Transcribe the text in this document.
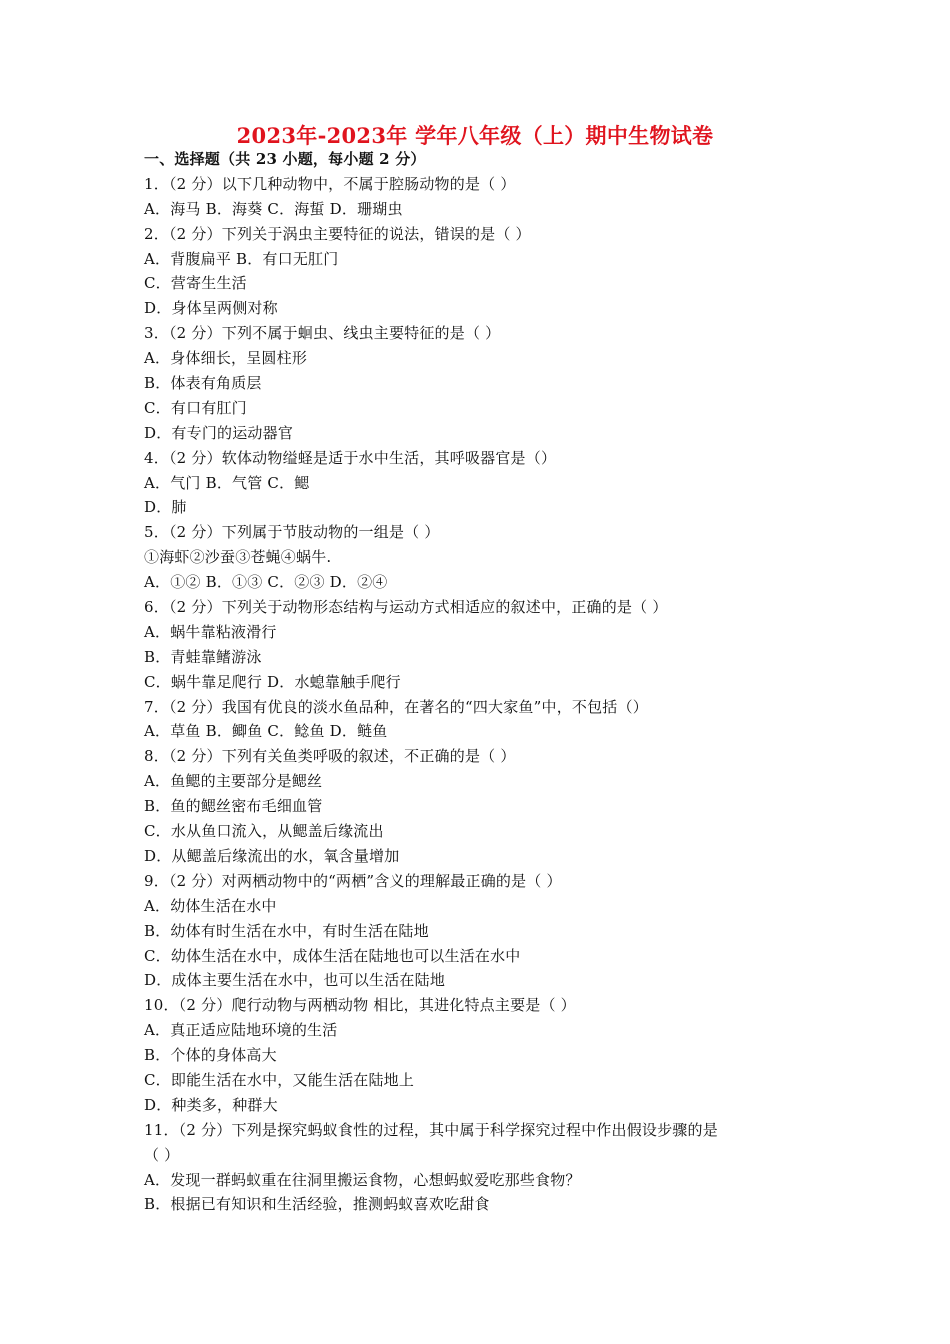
2023年-2023年 学年八年级（上）期中生物试卷
一、选择题（共 23 小题，每小题 2 分）
1．（2 分）以下几种动物中，不属于腔肠动物的是（ ）
A．海马 B．海葵 C．海蜇 D．珊瑚虫
2．（2 分）下列关于涡虫主要特征的说法，错误的是（ ）
A．背腹扁平 B．有口无肛门
C．营寄生生活
D．身体呈两侧对称
3．（2 分）下列不属于蛔虫、线虫主要特征的是（ ）
A．身体细长，呈圆柱形
B．体表有角质层
C．有口有肛门
D．有专门的运动器官
4．（2 分）软体动物缢蛏是适于水中生活，其呼吸器官是（）
A．气门 B．气管 C．鳃
D．肺
5．（2 分）下列属于节肢动物的一组是（ ）
①海虾②沙蚕③苍蝇④蜗牛.
A．①② B．①③ C．②③ D．②④
6．（2 分）下列关于动物形态结构与运动方式相适应的叙述中，正确的是（ ）
A．蜗牛靠粘液滑行
B．青蛙靠鳍游泳
C．蜗牛靠足爬行 D．水螅靠触手爬行
7．（2 分）我国有优良的淡水鱼品种，在著名的“四大家鱼”中，不包括（）
A．草鱼 B．鲫鱼 C．鲶鱼 D．鲢鱼
8．（2 分）下列有关鱼类呼吸的叙述，不正确的是（ ）
A．鱼鳃的主要部分是鳃丝
B．鱼的鳃丝密布毛细血管
C．水从鱼口流入，从鳃盖后缘流出
D．从鳃盖后缘流出的水，氧含量增加
9．（2 分）对两栖动物中的“两栖”含义的理解最正确的是（ ）
A．幼体生活在水中
B．幼体有时生活在水中，有时生活在陆地
C．幼体生活在水中，成体生活在陆地也可以生活在水中
D．成体主要生活在水中，也可以生活在陆地
10．（2 分）爬行动物与两栖动物 相比，其进化特点主要是（ ）
A．真正适应陆地环境的生活
B．个体的身体高大
C．即能生活在水中，又能生活在陆地上
D．种类多，种群大
11．（2 分）下列是探究蚂蚁食性的过程，其中属于科学探究过程中作出假设步骤的是
（ ）
A．发现一群蚂蚁重在往洞里搬运食物，心想蚂蚁爱吃那些食物？
B．根据已有知识和生活经验，推测蚂蚁喜欢吃甜食
